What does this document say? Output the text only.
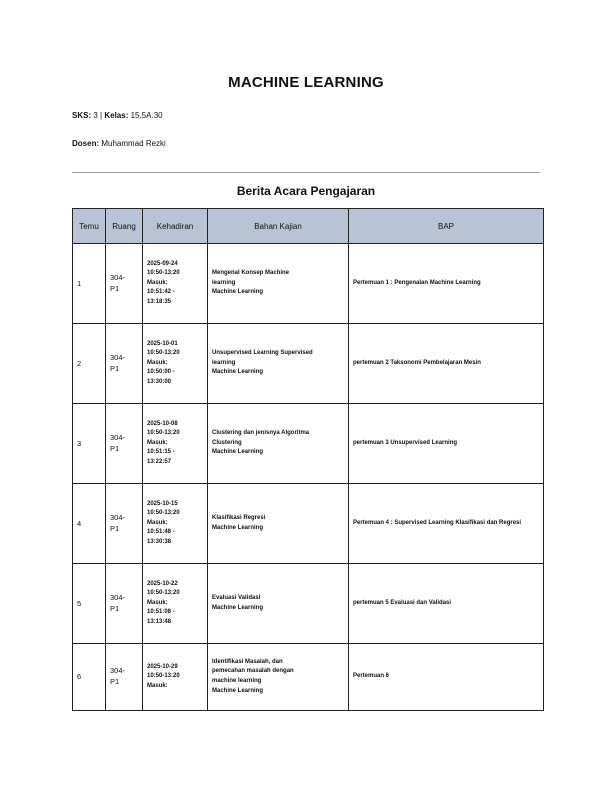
MACHINE LEARNING
SKS: 3 | Kelas: 15.5A.30
Dosen: Muhammad Rezki
Berita Acara Pengajaran
Temu	Ruang	Kehadiran	Bahan Kajian	BAP
1	304-
P1	2025-09-24
10:50-13:20
Masuk:
10:51:42 -
13:18:35	Mengenal Konsep Machine
learning
Machine Learning	Pertemuan 1 : Pengenalan Machine Learning
2	304-
P1	2025-10-01
10:50-13:20
Masuk:
10:50:00 -
13:30:00	Unsupervised Learning Supervised
learning
Machine Learning	pertemuan 2 Taksonomi Pembelajaran Mesin
3	304-
P1	2025-10-08
10:50-13:20
Masuk:
10:51:15 -
13:22:57	Clustering dan jenisnya Algoritma
Clustering
Machine Learning	pertemuan 3 Unsupervised Learning
4	304-
P1	2025-10-15
10:50-13:20
Masuk:
10:51:48 -
13:30:38	Klasifikasi Regresi
Machine Learning	Pertemuan 4 : Supervised Learning Klasifikasi dan Regresi
5	304-
P1	2025-10-22
10:50-13:20
Masuk:
10:51:08 -
13:13:48	Evaluasi Validasi
Machine Learning	pertemuan 5 Evaluasi dan Validasi
6	304-
P1	2025-10-29
10:50-13:20
Masuk:	Identifikasi Masalah, dan
pemecahan masalah dengan
machine learning
Machine Learning	Pertemuan 6
